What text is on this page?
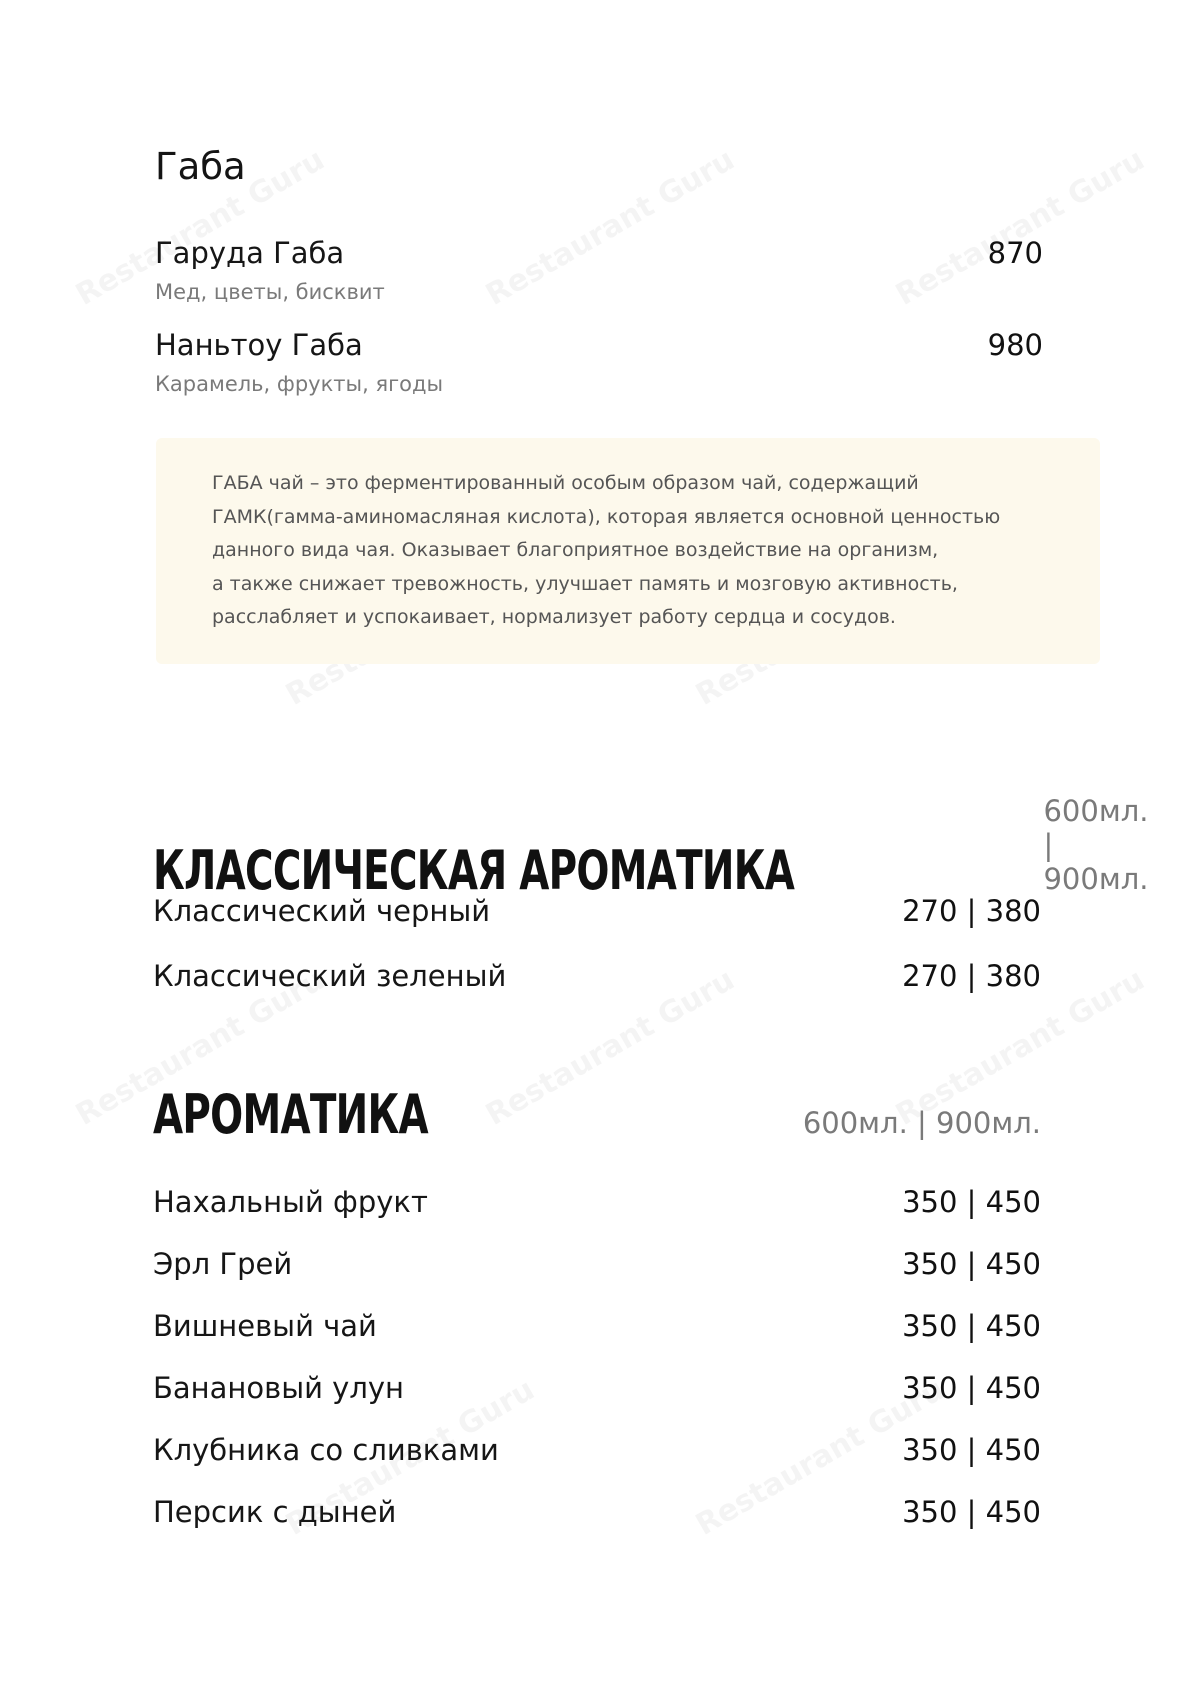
Габа
Гаруда Габа	870
Мед, цветы, бисквит
Наньтоу Габа	980
Карамель, фрукты, ягоды
ГАБА чай – это ферментированный особым образом чай, содержащий
ГАМК(гамма-аминомасляная кислота), которая является основной ценностью
данного вида чая. Оказывает благоприятное воздействие на организм,
а также снижает тревожность, улучшает память и мозговую активность,
расслабляет и успокаивает, нормализует работу сердца и сосудов.
КЛАССИЧЕСКАЯ АРОМАТИКА
600мл. | 900мл.
Классический черный	270 | 380
Классический зеленый	270 | 380
АРОМАТИКА	600мл. | 900мл.
Нахальный фрукт	350 | 450
Эрл Грей	350 | 450
Вишневый чай	350 | 450
Банановый улун	350 | 450
Клубника со сливками	350 | 450
Персик с дыней	350 | 450
